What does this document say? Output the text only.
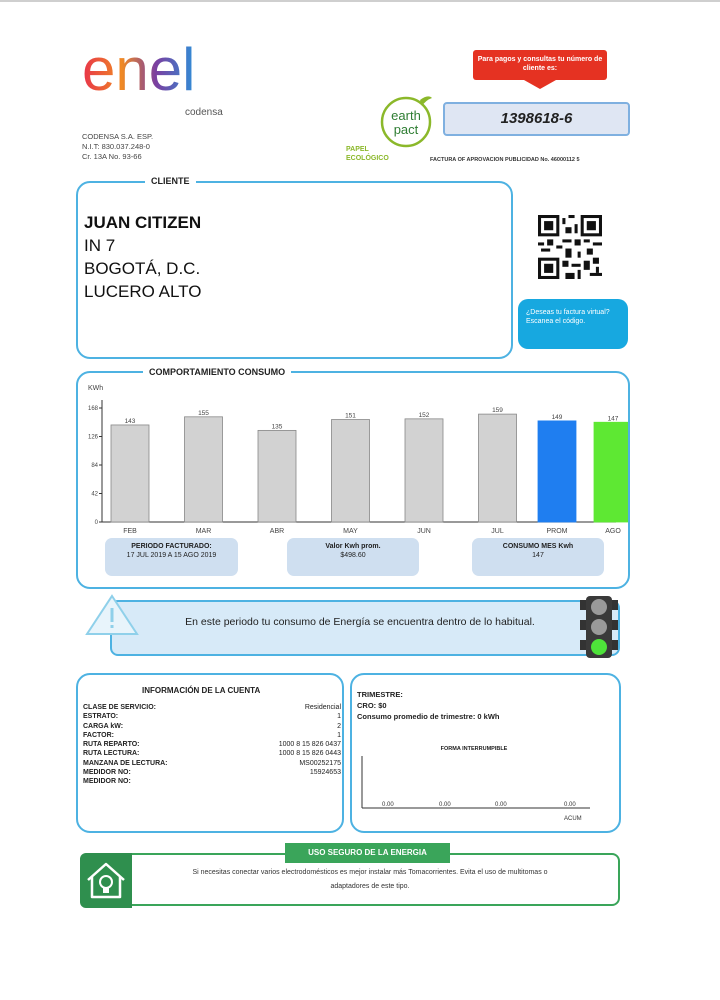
enel
codensa
CODENSA S.A. ESP.
N.I.T: 830.037.248-0
Cr. 13A No. 93-66
Para pagos y consultas tu número de cliente es:
1398618-6
earth
pact
PAPEL
ECOLÓGICO	FACTURA OF APROVACION PUBLICIDAD No. 46000112 5
CLIENTE
JUAN CITIZEN
IN 7
BOGOTÁ, D.C.
LUCERO ALTO
¿Deseas tu factura virtual? Escanea el código.
COMPORTAMIENTO CONSUMO
KWh
0
42
84
126
168
143
FEB
155
MAR
135
ABR
151
MAY
152
JUN
159
JUL
149
PROM
147
AGO
PERIODO FACTURADO:
17 JUL 2019 A 15 AGO 2019
Valor Kwh prom.
$498.60
CONSUMO MES Kwh
147
En este periodo tu consumo de Energía se encuentra dentro de lo habitual.
INFORMACIÓN DE LA CUENTA
CLASE DE SERVICIO:	Residencial
ESTRATO:	1
CARGA kW:	2
FACTOR:	1
RUTA REPARTO:	1000 8 15 826 0437
RUTA LECTURA:	1000 8 15 826 0443
MANZANA DE LECTURA:	MS00252175
MEDIDOR NO:	15924653
MEDIDOR NO:
TRIMESTRE:
CRO: $0
Consumo promedio de trimestre: 0 kWh
FORMA INTERRUMPIBLE
0.00	0.00	0.00	0.00
ACUM
USO SEGURO DE LA ENERGIA
Si necesitas conectar varios electrodomésticos es mejor instalar más Tomacorrientes. Evita el uso de multitomas o adaptadores de este tipo.
